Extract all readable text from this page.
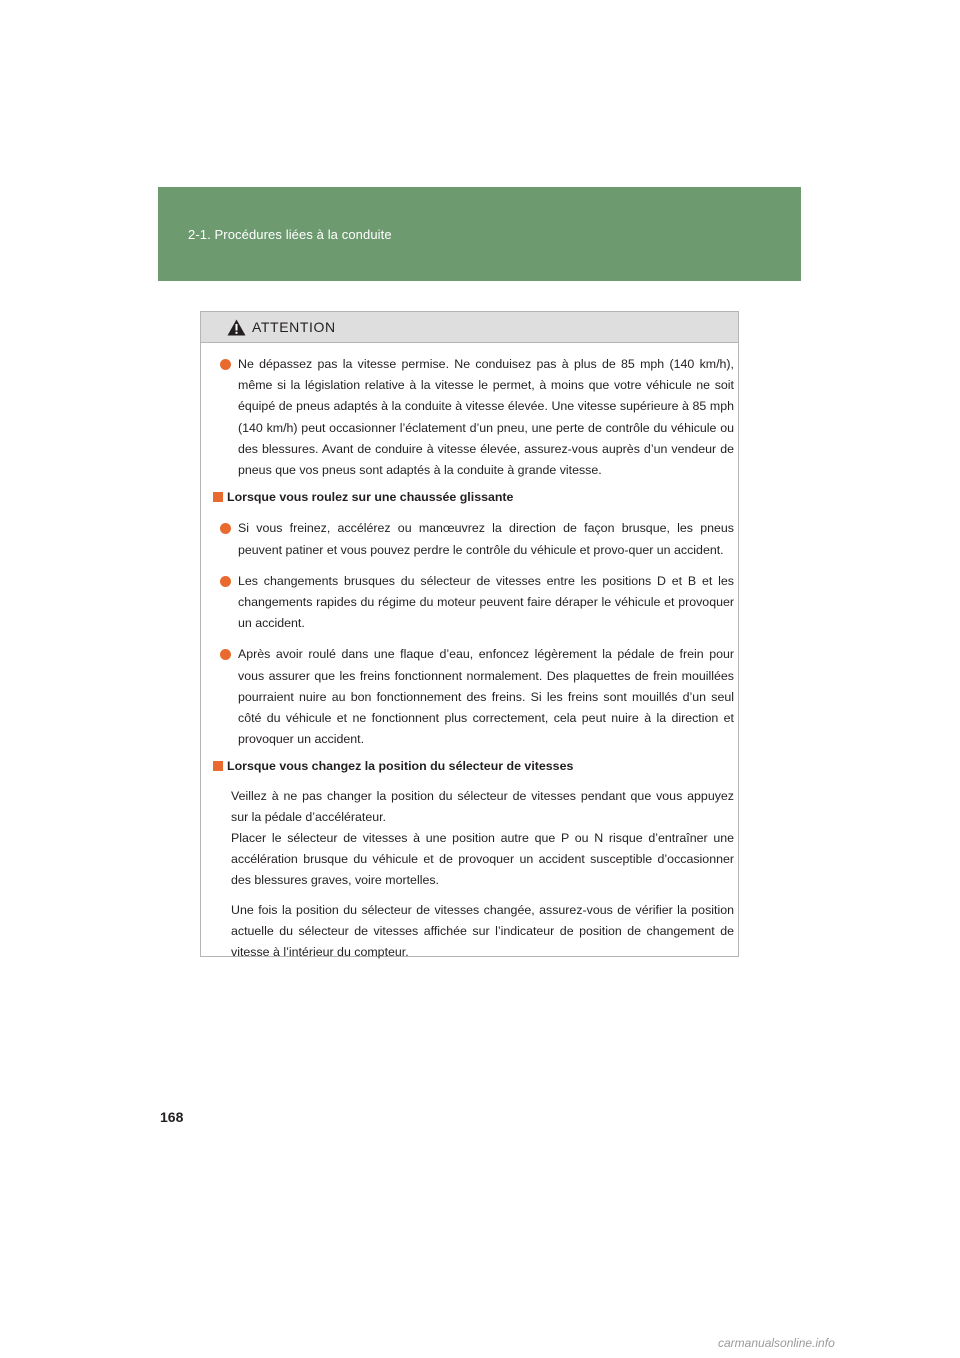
2-1. Procédures liées à la conduite
ATTENTION
Ne dépassez pas la vitesse permise. Ne conduisez pas à plus de 85 mph (140 km/h), même si la législation relative à la vitesse le permet, à moins que votre véhicule ne soit équipé de pneus adaptés à la conduite à vitesse élevée. Une vitesse supérieure à 85 mph (140 km/h) peut occasionner l’éclatement d’un pneu, une perte de contrôle du véhicule ou des blessures. Avant de conduire à vitesse élevée, assurez-vous auprès d’un vendeur de pneus que vos pneus sont adaptés à la conduite à grande vitesse.
Lorsque vous roulez sur une chaussée glissante
Si vous freinez, accélérez ou manœuvrez la direction de façon brusque, les pneus peuvent patiner et vous pouvez perdre le contrôle du véhicule et provo-quer un accident.
Les changements brusques du sélecteur de vitesses entre les positions D et B et les changements rapides du régime du moteur peuvent faire déraper le véhicule et provoquer un accident.
Après avoir roulé dans une flaque d’eau, enfoncez légèrement la pédale de frein pour vous assurer que les freins fonctionnent normalement. Des plaquettes de frein mouillées pourraient nuire au bon fonctionnement des freins. Si les freins sont mouillés d’un seul côté du véhicule et ne fonctionnent plus correctement, cela peut nuire à la direction et provoquer un accident.
Lorsque vous changez la position du sélecteur de vitesses
Veillez à ne pas changer la position du sélecteur de vitesses pendant que vous appuyez sur la pédale d’accélérateur.
Placer le sélecteur de vitesses à une position autre que P ou N risque d’entraîner une accélération brusque du véhicule et de provoquer un accident susceptible d’occasionner des blessures graves, voire mortelles.
Une fois la position du sélecteur de vitesses changée, assurez-vous de vérifier la position actuelle du sélecteur de vitesses affichée sur l’indicateur de position de changement de vitesse à l’intérieur du compteur.
168
carmanualsonline.info
